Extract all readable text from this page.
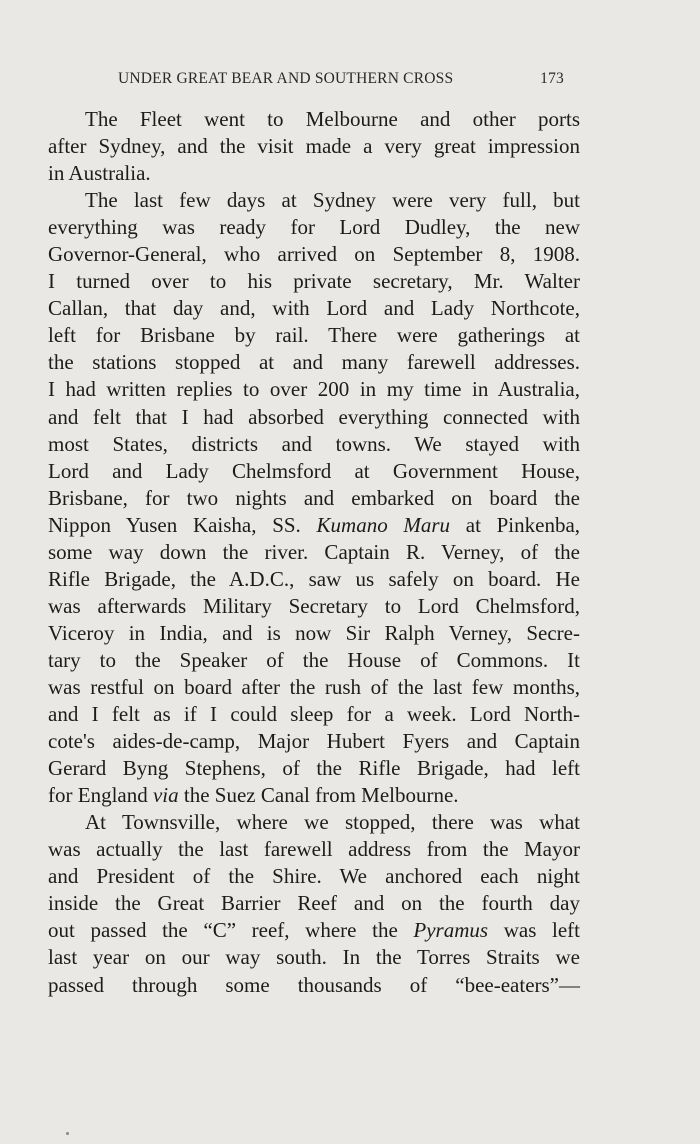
UNDER GREAT BEAR AND SOUTHERN CROSS	173
The Fleet went to Melbourne and other ports
after Sydney, and the visit made a very great impression
in Australia.
The last few days at Sydney were very full, but
everything was ready for Lord Dudley, the new
Governor-General, who arrived on September 8, 1908.
I turned over to his private secretary, Mr. Walter
Callan, that day and, with Lord and Lady Northcote,
left for Brisbane by rail. There were gatherings at
the stations stopped at and many farewell addresses.
I had written replies to over 200 in my time in Australia,
and felt that I had absorbed everything connected with
most States, districts and towns. We stayed with
Lord and Lady Chelmsford at Government House,
Brisbane, for two nights and embarked on board the
Nippon Yusen Kaisha, SS. Kumano Maru at Pinkenba,
some way down the river. Captain R. Verney, of the
Rifle Brigade, the A.D.C., saw us safely on board. He
was afterwards Military Secretary to Lord Chelmsford,
Viceroy in India, and is now Sir Ralph Verney, Secre-
tary to the Speaker of the House of Commons. It
was restful on board after the rush of the last few months,
and I felt as if I could sleep for a week. Lord North-
cote's aides-de-camp, Major Hubert Fyers and Captain
Gerard Byng Stephens, of the Rifle Brigade, had left
for England via the Suez Canal from Melbourne.
At Townsville, where we stopped, there was what
was actually the last farewell address from the Mayor
and President of the Shire. We anchored each night
inside the Great Barrier Reef and on the fourth day
out passed the “C” reef, where the Pyramus was left
last year on our way south. In the Torres Straits we
passed through some thousands of “bee-eaters”—
